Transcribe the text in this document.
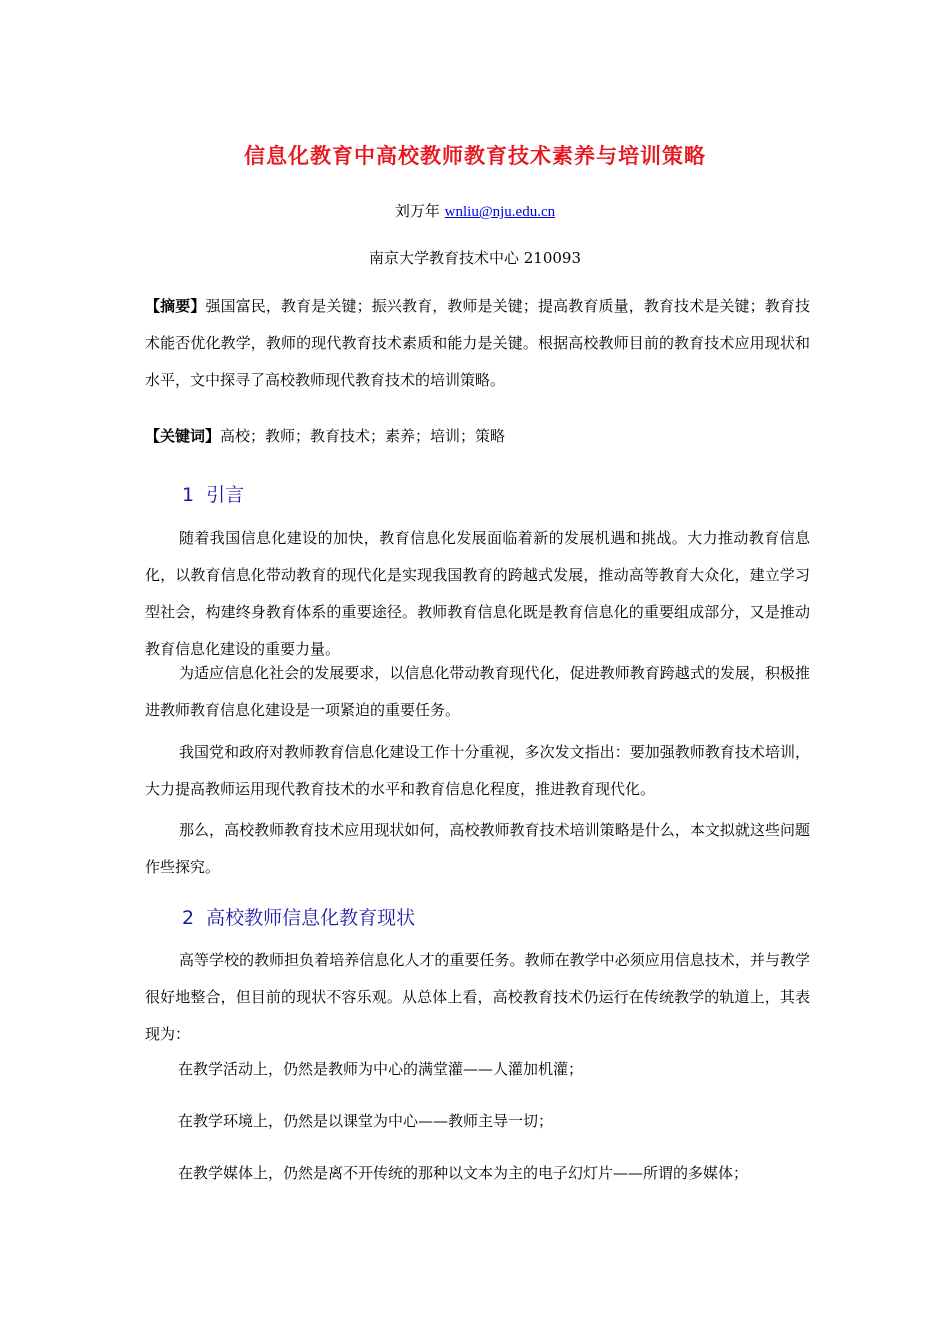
信息化教育中高校教师教育技术素养与培训策略
刘万年 wnliu@nju.edu.cn
南京大学教育技术中心 210093
【摘要】强国富民，教育是关键；振兴教育，教师是关键；提高教育质量，教育技术是关键；教育技术能否优化教学，教师的现代教育技术素质和能力是关键。根据高校教师目前的教育技术应用现状和水平，文中探寻了高校教师现代教育技术的培训策略。
【关键词】高校；教师；教育技术；素养；培训；策略
1 引言
随着我国信息化建设的加快，教育信息化发展面临着新的发展机遇和挑战。大力推动教育信息化，以教育信息化带动教育的现代化是实现我国教育的跨越式发展，推动高等教育大众化，建立学习型社会，构建终身教育体系的重要途径。教师教育信息化既是教育信息化的重要组成部分，又是推动教育信息化建设的重要力量。
为适应信息化社会的发展要求，以信息化带动教育现代化，促进教师教育跨越式的发展，积极推进教师教育信息化建设是一项紧迫的重要任务。
我国党和政府对教师教育信息化建设工作十分重视，多次发文指出：要加强教师教育技术培训，大力提高教师运用现代教育技术的水平和教育信息化程度，推进教育现代化。
那么，高校教师教育技术应用现状如何，高校教师教育技术培训策略是什么，本文拟就这些问题作些探究。
2 高校教师信息化教育现状
高等学校的教师担负着培养信息化人才的重要任务。教师在教学中必须应用信息技术，并与教学很好地整合，但目前的现状不容乐观。从总体上看，高校教育技术仍运行在传统教学的轨道上，其表现为：
在教学活动上，仍然是教师为中心的满堂灌——人灌加机灌；
在教学环境上，仍然是以课堂为中心——教师主导一切；
在教学媒体上，仍然是离不开传统的那种以文本为主的电子幻灯片——所谓的多媒体；
